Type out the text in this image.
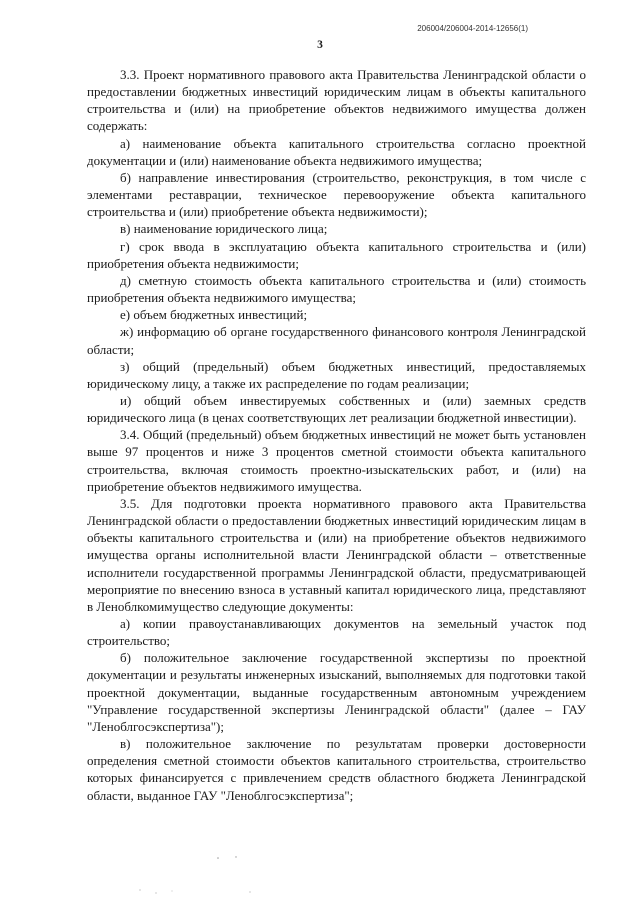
206004/206004-2014-12656(1)
3

3.3. Проект нормативного правового акта Правительства Ленинградской области о предоставлении бюджетных инвестиций юридическим лицам в объекты капитального строительства и (или) на приобретение объектов недвижимого имущества должен содержать:

а) наименование объекта капитального строительства согласно проектной документации и (или) наименование объекта недвижимого имущества;

б) направление инвестирования (строительство, реконструкция, в том числе с элементами реставрации, техническое перевооружение объекта капитального строительства и (или) приобретение объекта недвижимости);

в) наименование юридического лица;

г) срок ввода в эксплуатацию объекта капитального строительства и (или) приобретения объекта недвижимости;

д) сметную стоимость объекта капитального строительства и (или) стоимость приобретения объекта недвижимого имущества;

е) объем бюджетных инвестиций;

ж) информацию об органе государственного финансового контроля Ленинградской области;

з) общий (предельный) объем бюджетных инвестиций, предоставляемых юридическому лицу, а также их распределение по годам реализации;

и) общий объем инвестируемых собственных и (или) заемных средств юридического лица (в ценах соответствующих лет реализации бюджетной инвестиции).

3.4. Общий (предельный) объем бюджетных инвестиций не может быть установлен выше 97 процентов и ниже 3 процентов сметной стоимости объекта капитального строительства, включая стоимость проектно-изыскательских работ, и (или) на приобретение объектов недвижимого имущества.

3.5. Для подготовки проекта нормативного правового акта Правительства Ленинградской области о предоставлении бюджетных инвестиций юридическим лицам в объекты капитального строительства и (или) на приобретение объектов недвижимого имущества органы исполнительной власти Ленинградской области – ответственные исполнители государственной программы Ленинградской области, предусматривающей мероприятие по внесению взноса в уставный капитал юридического лица, представляют в Леноблкомимущество следующие документы:

а) копии правоустанавливающих документов на земельный участок под строительство;

б) положительное заключение государственной экспертизы по проектной документации и результаты инженерных изысканий, выполняемых для подготовки такой проектной документации, выданные государственным автономным учреждением "Управление государственной экспертизы Ленинградской области" (далее – ГАУ "Леноблгосэкспертиза");

в) положительное заключение по результатам проверки достоверности определения сметной стоимости объектов капитального строительства, строительство которых финансируется с привлечением средств областного бюджета Ленинградской области, выданное ГАУ "Леноблгосэкспертиза";
